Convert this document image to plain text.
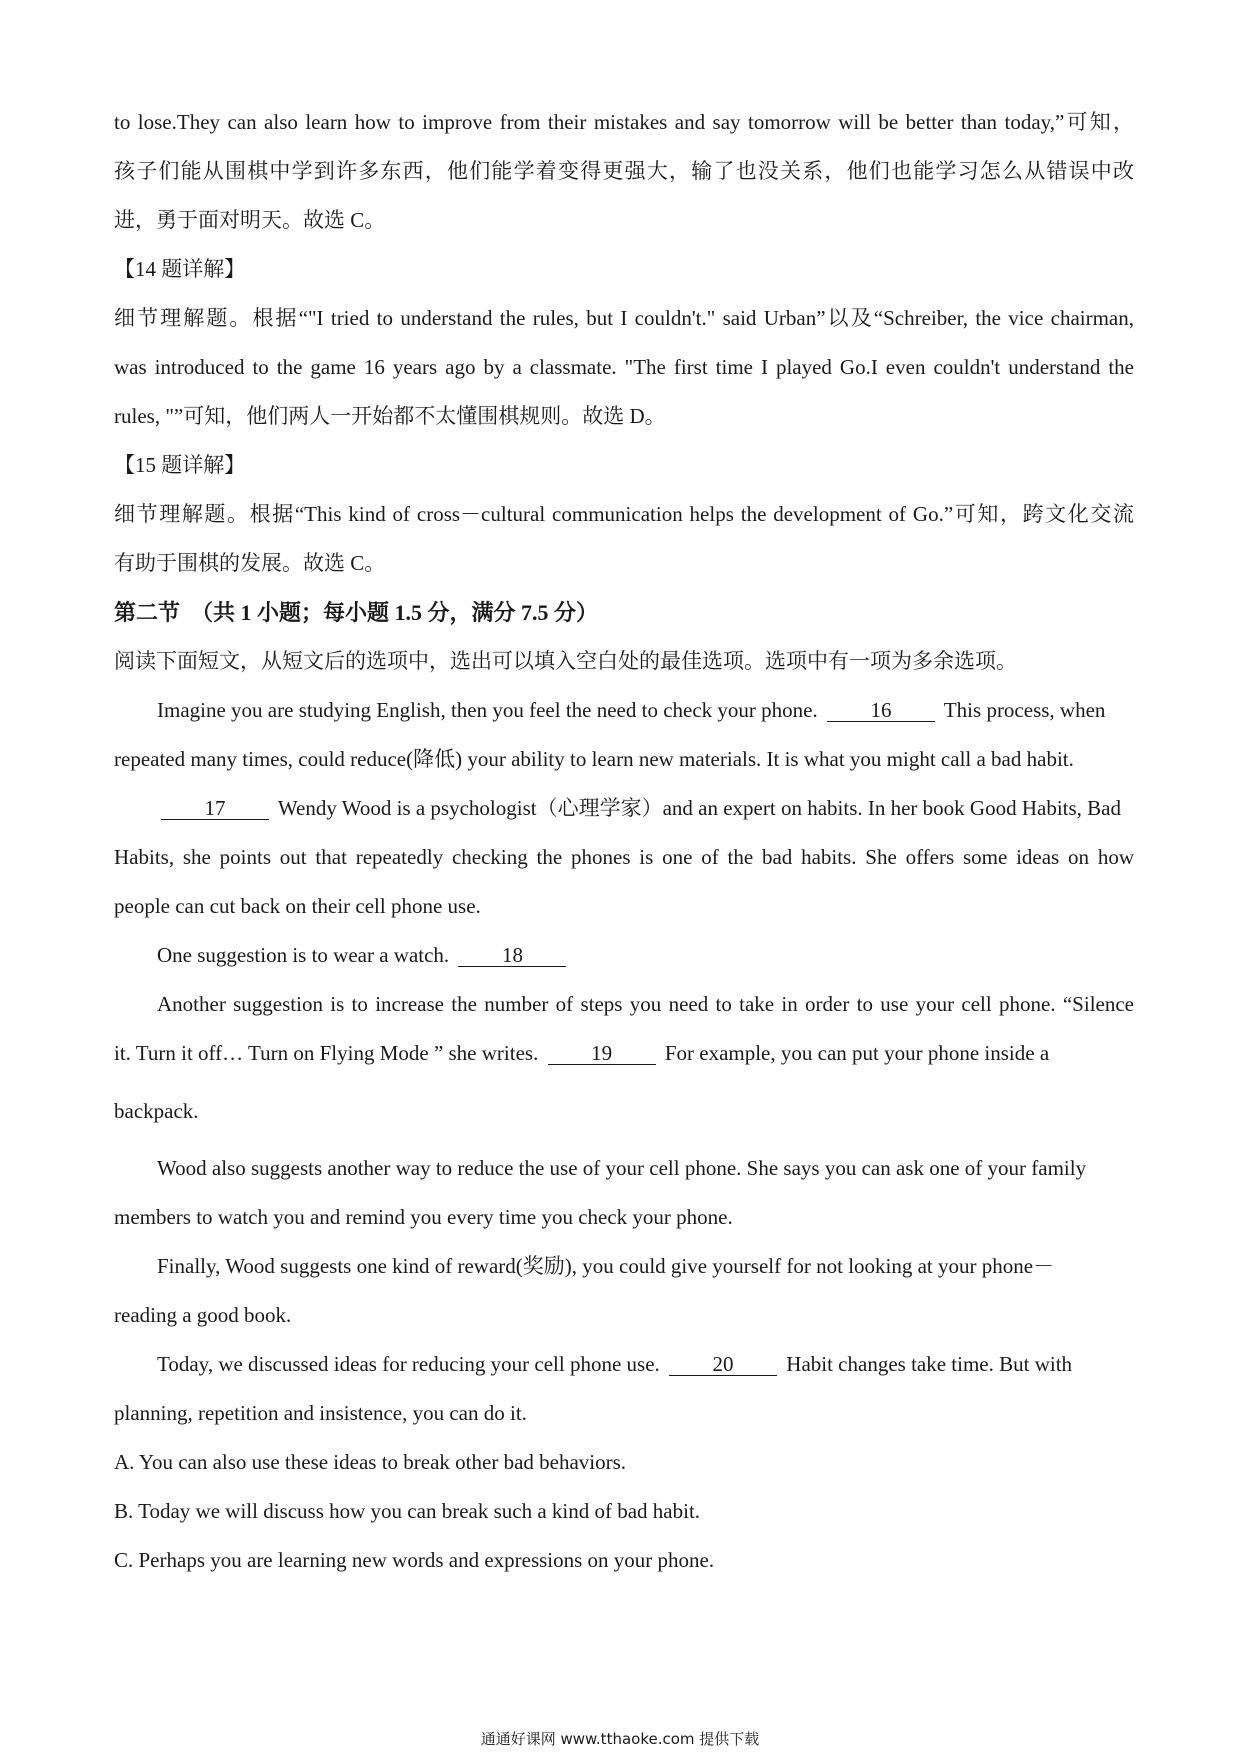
to lose.They can also learn how to improve from their mistakes and say tomorrow will be better than today,”可知，
孩子们能从围棋中学到许多东西，他们能学着变得更强大，输了也没关系，他们也能学习怎么从错误中改
进，勇于面对明天。故选 C。
【14 题详解】
细节理解题。根据“"I tried to understand the rules, but I couldn't." said Urban”以及“Schreiber, the vice chairman,
was introduced to the game 16 years ago by a classmate. "The first time I played Go.I even couldn't understand the
rules, "”可知，他们两人一开始都不太懂围棋规则。故选 D。
【15 题详解】
细节理解题。根据“This kind of cross－cultural communication helps the development of Go.”可知，跨文化交流
有助于围棋的发展。故选 C。
第二节　（共 1 小题；每小题 1.5 分，满分 7.5 分）
阅读下面短文，从短文后的选项中，选出可以填入空白处的最佳选项。选项中有一项为多余选项。
Imagine you are studying English, then you feel the need to check your phone.	16 This process, when
repeated many times, could reduce(降低) your ability to learn new materials. It is what you might call a bad habit.
17 Wendy Wood is a psychologist（心理学家）and an expert on habits. In her book Good Habits, Bad
Habits, she points out that repeatedly checking the phones is one of the bad habits. She offers some ideas on how
people can cut back on their cell phone use.
One suggestion is to wear a watch.	18
Another suggestion is to increase the number of steps you need to take in order to use your cell phone. “Silence
it. Turn it off… Turn on Flying Mode ” she writes.	19	For example, you can put your phone inside a
backpack.
Wood also suggests another way to reduce the use of your cell phone. She says you can ask one of your family
members to watch you and remind you every time you check your phone.
Finally, Wood suggests one kind of reward(奖励), you could give yourself for not looking at your phone－
reading a good book.
Today, we discussed ideas for reducing your cell phone use.	20	Habit changes take time. But with
planning, repetition and insistence, you can do it.
A. You can also use these ideas to break other bad behaviors.
B. Today we will discuss how you can break such a kind of bad habit.
C. Perhaps you are learning new words and expressions on your phone.
通通好课网 www.tthaoke.com 提供下载
